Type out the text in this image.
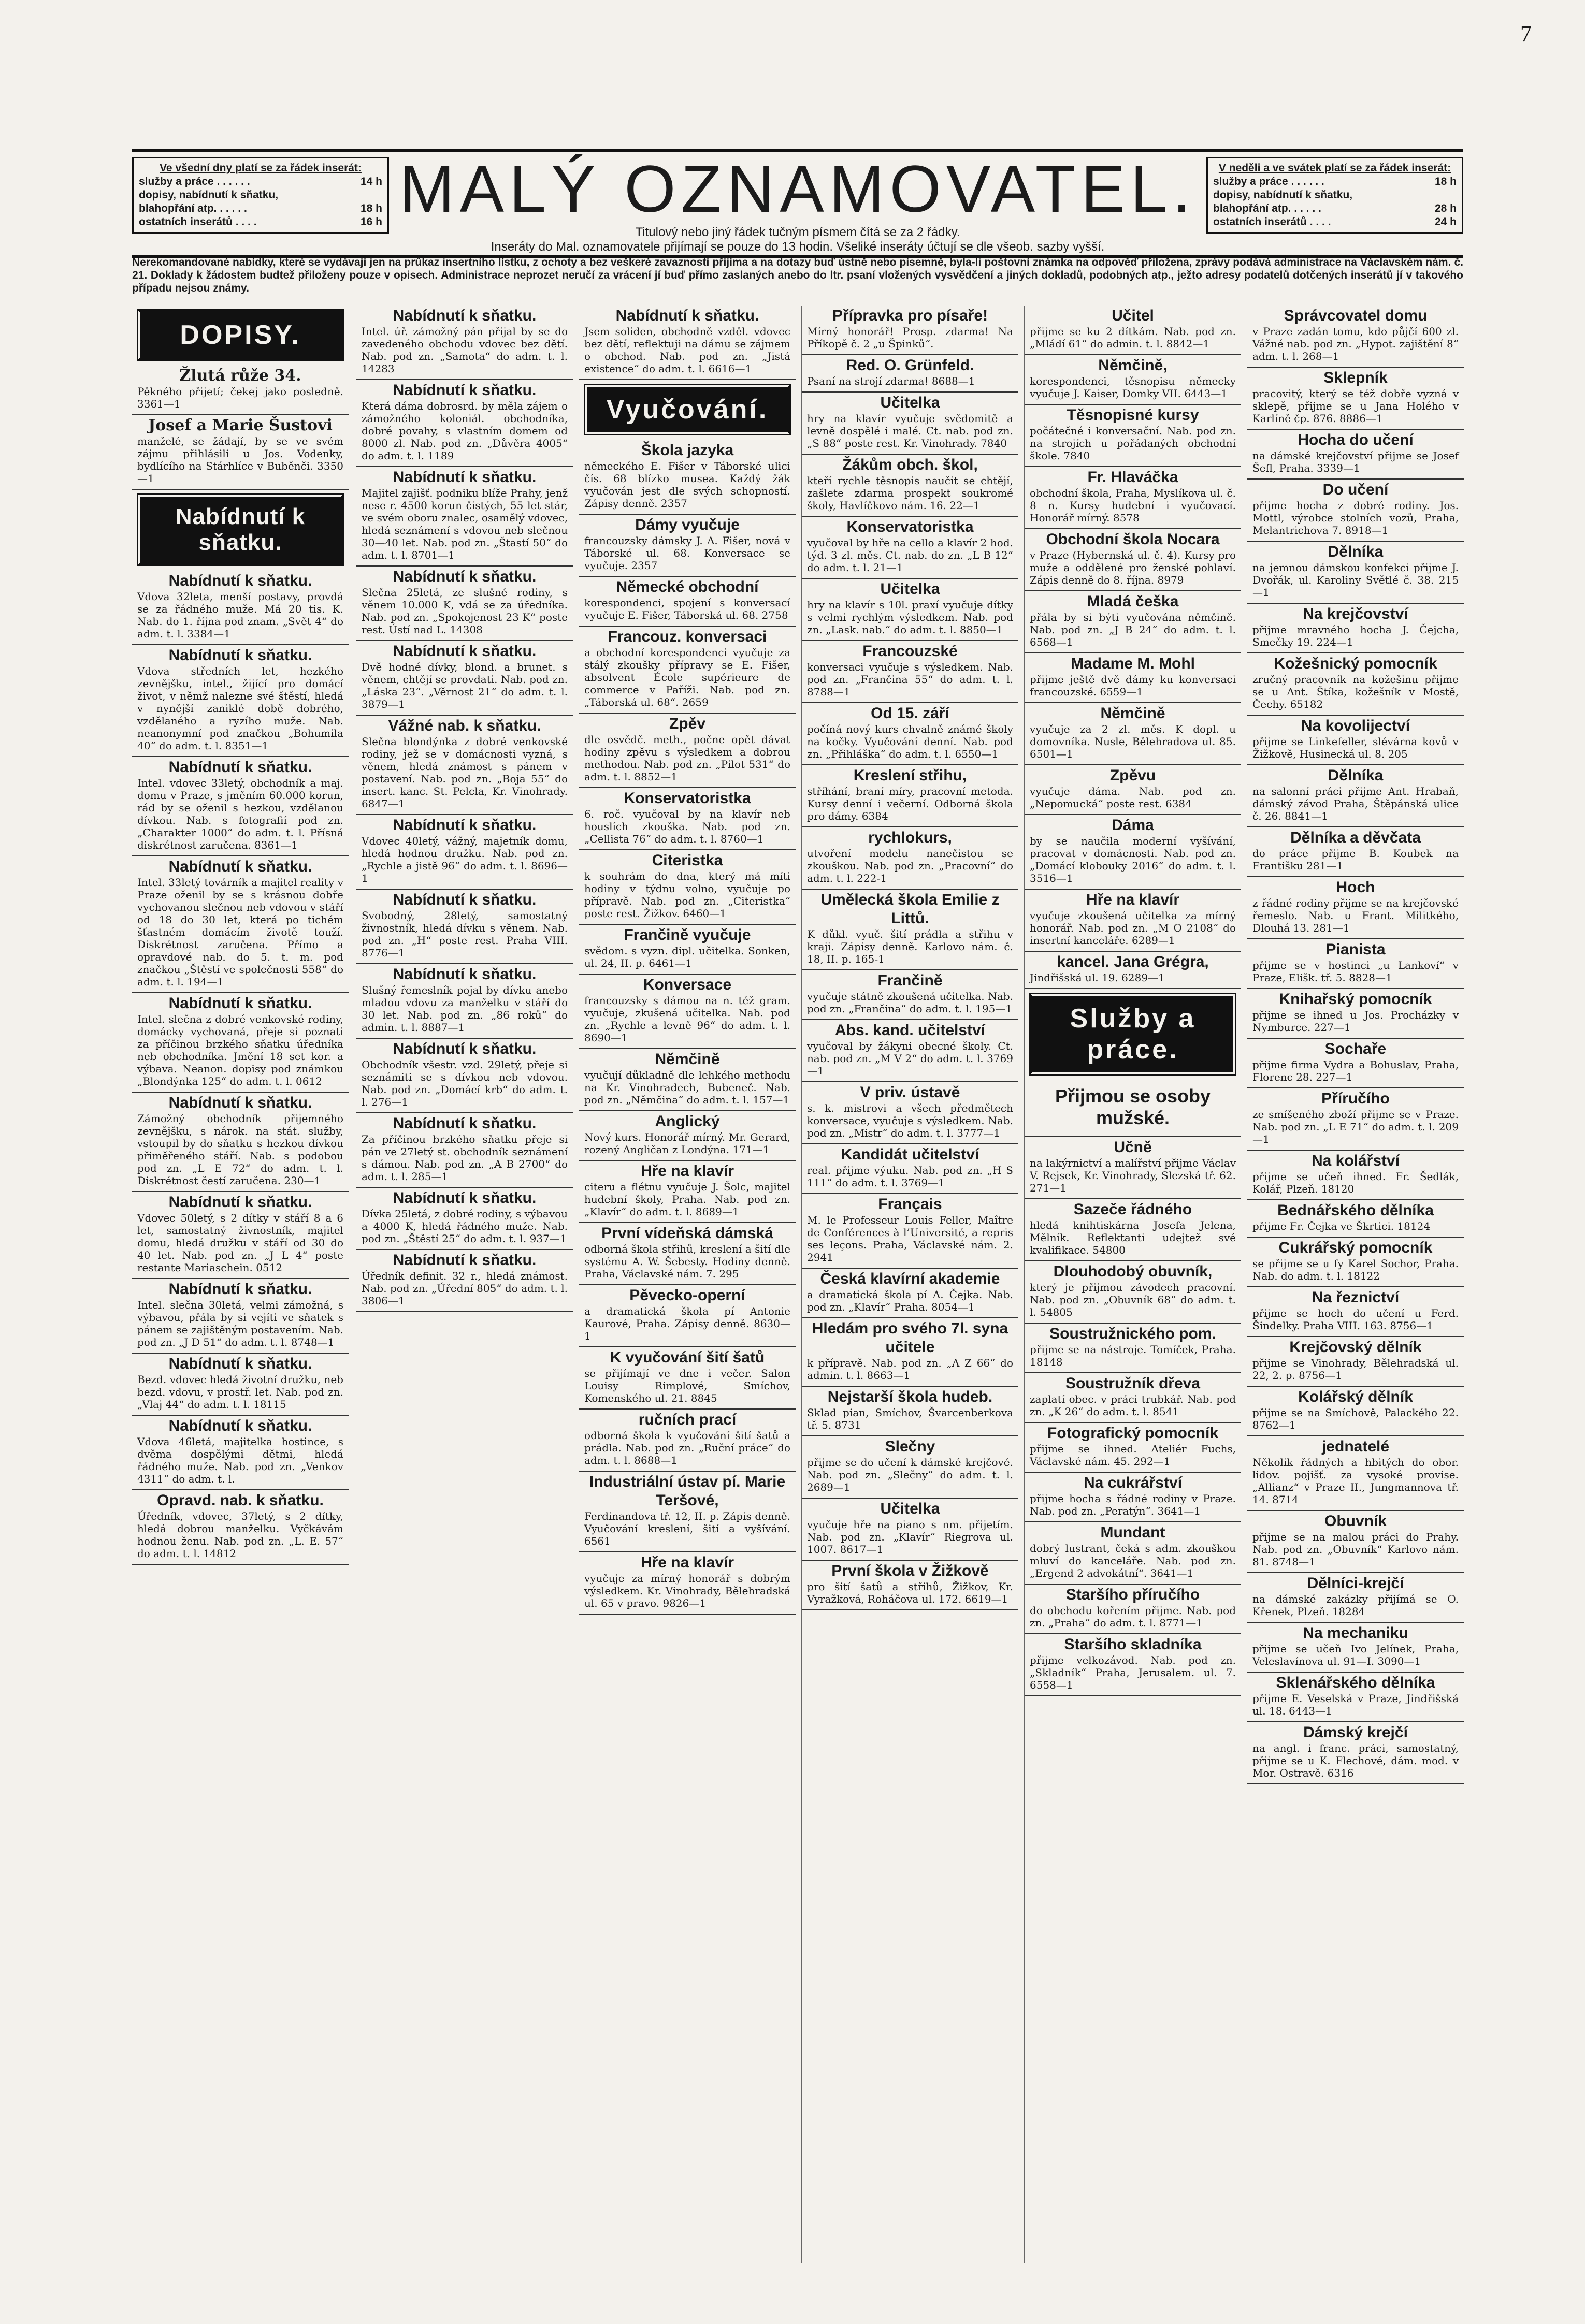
7
Ve všední dny platí se za řádek inserát:
služby a práce . . . . . .	14 h
dopisy, nabídnutí k sňatku,
blahopřání atp. . . . . .	18 h
ostatních inserátů . . . .	16 h MALÝ OZNAMOVATEL.
Titulový nebo jiný řádek tučným písmem čítá se za 2 řádky.
Inseráty do Mal. oznamovatele přijímají se pouze do 13 hodin. Všeliké inseráty účtují se dle všeob. sazby vyšší.
V neděli a ve svátek platí se za řádek inserát:
služby a práce . . . . . .	18 h
dopisy, nabídnutí k sňatku,
blahopřání atp. . . . . .	28 h
ostatních inserátů . . . .	24 h
Nerekomandované nabídky, které se vydávají jen na průkaz insertního lístku, z ochoty a bez veškeré zavazností přijíma a na dotazy buď ústně nebo písemně, byla-li poštovní známka na odpověď přiložena, zprávy podává administrace na Václavském nám. č. 21. Doklady k žádostem budtež přiloženy pouze v opisech. Administrace neprozet neručí za vrácení jí buď přímo zaslaných anebo do ltr. psaní vložených vysvědčení a jiných dokladů, podobných atp., ježto adresy podatelů dotčených inserátů jí v takového případu nejsou známy.
DOPISY.
Žlutá růže 34.
Pěkného přijetí; čekej jako posledně. 3361—1
Josef a Marie Šustovi
manželé, se žádají, by se ve svém zájmu přihlásili u Jos. Vodenky, bydlícího na Stárhlíce v Buběnči. 3350—1
Nabídnutí k sňatku.
Nabídnutí k sňatku.
Vdova 32leta, menší postavy, provdá se za řádného muže. Má 20 tis. K. Nab. do 1. října pod znam. „Svět 4“ do adm. t. l. 3384—1
Nabídnutí k sňatku.
Vdova středních let, hezkého zevnějšku, intel., žijící pro domácí život, v němž nalezne své štěstí, hledá v nynější zaniklé době dobrého, vzdělaného a ryzího muže. Nab. neanonymní pod značkou „Bohumila 40“ do adm. t. l. 8351—1
Nabídnutí k sňatku.
Intel. vdovec 33letý, obchodník a maj. domu v Praze, s jměním 60.000 korun, rád by se oženil s hezkou, vzdělanou dívkou. Nab. s fotografií pod zn. „Charakter 1000“ do adm. t. l. Přísná diskrétnost zaručena. 8361—1
Nabídnutí k sňatku.
Intel. 33letý továrník a majitel reality v Praze oženil by se s krásnou dobře vychovanou slečnou neb vdovou v stáří od 18 do 30 let, která po tichém šťastném domácím životě touží. Diskrétnost zaručena. Přímo a opravdové nab. do 5. t. m. pod značkou „Štěstí ve společnosti 558“ do adm. t. l. 194—1
Nabídnutí k sňatku.
Intel. slečna z dobré venkovské rodiny, domácky vychovaná, přeje si poznati za příčinou brzkého sňatku úředníka neb obchodníka. Jmění 18 set kor. a výbava. Neanon. dopisy pod známkou „Blondýnka 125“ do adm. t. l. 0612
Nabídnutí k sňatku.
Zámožný obchodník přijemného zevnějšku, s nárok. na stát. služby, vstoupil by do sňatku s hezkou dívkou přiměřeného stáří. Nab. s podobou pod zn. „L E 72“ do adm. t. l. Diskrétnost čestí zaručena. 230—1
Nabídnutí k sňatku.
Vdovec 50letý, s 2 dítky v stáří 8 a 6 let, samostatný živnostník, majitel domu, hledá družku v stáří od 30 do 40 let. Nab. pod zn. „J L 4“ poste restante Mariaschein. 0512
Nabídnutí k sňatku.
Intel. slečna 30letá, velmi zámožná, s výbavou, přála by si vejíti ve sňatek s pánem se zajištěným postavením. Nab. pod zn. „J D 51“ do adm. t. l. 8748—1
Nabídnutí k sňatku.
Bezd. vdovec hledá životní družku, neb bezd. vdovu, v prostř. let. Nab. pod zn. „Vlaj 44“ do adm. t. l. 18115
Nabídnutí k sňatku.
Vdova 46letá, majitelka hostince, s dvěma dospělými dětmi, hledá řádného muže. Nab. pod zn. „Venkov 4311“ do adm. t. l.
Opravd. nab. k sňatku.
Úředník, vdovec, 37letý, s 2 dítky, hledá dobrou manželku. Vyčkávám hodnou ženu. Nab. pod zn. „L. E. 57“ do adm. t. l. 14812
Nabídnutí k sňatku.
Intel. úř. zámožný pán přijal by se do zavedeného obchodu vdovec bez dětí. Nab. pod zn. „Samota“ do adm. t. l. 14283
Nabídnutí k sňatku.
Která dáma dobrosrd. by měla zájem o zámožného koloniál. obchodníka, dobré povahy, s vlastním domem od 8000 zl. Nab. pod zn. „Důvěra 4005“ do adm. t. l. 1189
Nabídnutí k sňatku.
Majitel zajišť. podniku blíže Prahy, jenž nese r. 4500 korun čistých, 55 let stár, ve svém oboru znalec, osamělý vdovec, hledá seznámení s vdovou neb slečnou 30—40 let. Nab. pod zn. „Štastí 50“ do adm. t. l. 8701—1
Nabídnutí k sňatku.
Slečna 25letá, ze slušné rodiny, s věnem 10.000 K, vdá se za úředníka. Nab. pod zn. „Spokojenost 23 K“ poste rest. Ústí nad L. 14308
Nabídnutí k sňatku.
Dvě hodné dívky, blond. a brunet. s věnem, chtějí se provdati. Nab. pod zn. „Láska 23“. „Věrnost 21“ do adm. t. l. 3879—1
Vážné nab. k sňatku.
Slečna blondýnka z dobré venkovské rodiny, jež se v domácnosti vyzná, s věnem, hledá známost s pánem v postavení. Nab. pod zn. „Boja 55“ do insert. kanc. St. Pelcla, Kr. Vinohrady. 6847—1
Nabídnutí k sňatku.
Vdovec 40letý, vážný, majetník domu, hledá hodnou družku. Nab. pod zn. „Rychle a jistě 96“ do adm. t. l. 8696—1
Nabídnutí k sňatku.
Svobodný, 28letý, samostatný živnostník, hledá dívku s věnem. Nab. pod zn. „H“ poste rest. Praha VIII. 8776—1
Nabídnutí k sňatku.
Slušný řemeslník pojal by dívku anebo mladou vdovu za manželku v stáří do 30 let. Nab. pod zn. „86 roků“ do admin. t. l. 8887—1
Nabídnutí k sňatku.
Obchodník všestr. vzd. 29letý, přeje si seznámiti se s dívkou neb vdovou. Nab. pod zn. „Domácí krb“ do adm. t. l. 276—1
Nabídnutí k sňatku.
Za příčinou brzkého sňatku přeje si pán ve 27letý st. obchodník seznámení s dámou. Nab. pod zn. „A B 2700“ do adm. t. l. 285—1
Nabídnutí k sňatku.
Dívka 25letá, z dobré rodiny, s výbavou a 4000 K, hledá řádného muže. Nab. pod zn. „Štěstí 25“ do adm. t. l. 937—1
Nabídnutí k sňatku.
Úředník definit. 32 r., hledá známost. Nab. pod zn. „Úřední 805“ do adm. t. l. 3806—1
Nabídnutí k sňatku.
Jsem soliden, obchodně vzděl. vdovec bez dětí, reflektuji na dámu se zájmem o obchod. Nab. pod zn. „Jistá existence“ do adm. t. l. 6616—1
Vyučování.
Škola jazyka
německého E. Fišer v Táborské ulici čís. 68 blízko musea. Každý žák vyučován jest dle svých schopností. Zápisy denně. 2357
Dámy vyučuje
francouzsky dámsky J. A. Fišer, nová v Táborské ul. 68. Konversace se vyučuje. 2357
Německé obchodní
korespondenci, spojení s konversací vyučuje E. Fišer, Táborská ul. 68. 2758
Francouz. konversaci
a obchodní korespondenci vyučuje za stálý zkoušky přípravy se E. Fišer, absolvent École supérieure de commerce v Paříži. Nab. pod zn. „Táborská ul. 68“. 2659
Zpěv
dle osvědč. meth., počne opět dávat hodiny zpěvu s výsledkem a dobrou methodou. Nab. pod zn. „Pilot 531“ do adm. t. l. 8852—1
Konservatoristka
6. roč. vyučoval by na klavír neb houslích zkouška. Nab. pod zn. „Cellista 76“ do adm. t. l. 8760—1
Citeristka
k souhrám do dna, který má míti hodiny v týdnu volno, vyučuje po přípravě. Nab. pod zn. „Citeristka“ poste rest. Žižkov. 6460—1
Frančině vyučuje
svědom. s vyzn. dipl. učitelka. Sonken, ul. 24, II. p. 6461—1
Konversace
francouzsky s dámou na n. též gram. vyučuje, zkušená učitelka. Nab. pod zn. „Rychle a levně 96“ do adm. t. l. 8690—1
Němčině
vyučují důkladně dle lehkého methodu na Kr. Vinohradech, Bubeneč. Nab. pod zn. „Němčina“ do adm. t. l. 157—1
Anglický
Nový kurs. Honorář mírný. Mr. Gerard, rozený Angličan z Londýna. 171—1
Hře na klavír
citeru a flétnu vyučuje J. Šolc, majitel hudební školy, Praha. Nab. pod zn. „Klavír“ do adm. t. l. 8689—1
První vídeňská dámská
odborná škola střihů, kreslení a šití dle systému A. W. Šebesty. Hodiny denně. Praha, Václavské nám. 7. 295
Pěvecko-operní
a dramatická škola pí Antonie Kaurové, Praha. Zápisy denně. 8630—1
K vyučování šití šatů
se přijímají ve dne i večer. Salon Louisy Rimplové, Smíchov, Komenského ul. 21. 8845
ručních prací
odborná škola k vyučování šití šatů a prádla. Nab. pod zn. „Ruční práce“ do adm. t. l. 8688—1
Industriální ústav pí. Marie Teršové,
Ferdinandova tř. 12, II. p. Zápis denně. Vyučování kreslení, šití a vyšívání. 6561
Hře na klavír
vyučuje za mírný honorář s dobrým výsledkem. Kr. Vinohrady, Bělehradská ul. 65 v pravo. 9826—1
Přípravka pro písaře!
Mírný honorář! Prosp. zdarma! Na Příkopě č. 2 „u Špinků“.
Red. O. Grünfeld.
Psaní na strojí zdarma! 8688—1
Učitelka
hry na klavír vyučuje svědomitě a levně dospělé i malé. Ct. nab. pod zn. „S 88“ poste rest. Kr. Vinohrady. 7840
Žákům obch. škol,
kteří rychle těsnopis naučit se chtějí, zašlete zdarma prospekt soukromé školy, Havlíčkovo nám. 16. 22—1
Konservatoristka
vyučoval by hře na cello a klavír 2 hod. týd. 3 zl. měs. Ct. nab. do zn. „L B 12“ do adm. t. l. 21—1
Učitelka
hry na klavír s 10l. praxí vyučuje dítky s velmi rychlým výsledkem. Nab. pod zn. „Lask. nab.“ do adm. t. l. 8850—1
Francouzské
konversaci vyučuje s výsledkem. Nab. pod zn. „Frančina 55“ do adm. t. l. 8788—1
Od 15. září
počíná nový kurs chvalně známé školy na kočky. Vyučování denní. Nab. pod zn. „Přihláška“ do adm. t. l. 6550—1
Kreslení střihu,
stříhání, braní míry, pracovní metoda. Kursy denní i večerní. Odborná škola pro dámy. 6384
rychlokurs,
utvoření modelu nanečistou se zkouškou. Nab. pod zn. „Pracovní“ do adm. t. l. 222-1
Umělecká škola Emilie z Littů.
K důkl. vyuč. šití prádla a střihu v kraji. Zápisy denně. Karlovo nám. č. 18, II. p. 165-1
Frančině
vyučuje státně zkoušená učitelka. Nab. pod zn. „Frančina“ do adm. t. l. 195—1
Abs. kand. učitelství
vyučoval by žákyni obecné školy. Ct. nab. pod zn. „M V 2“ do adm. t. l. 3769—1
V priv. ústavě
s. k. mistrovi a všech předmětech konversace, vyučuje s výsledkem. Nab. pod zn. „Mistr“ do adm. t. l. 3777—1
Kandidát učitelství
real. přijme výuku. Nab. pod zn. „H S 111“ do adm. t. l. 3769—1
Français
M. le Professeur Louis Feller, Maître de Conférences à l’Université, a repris ses leçons. Praha, Václavské nám. 2. 2941
Česká klavírní akademie
a dramatická škola pí A. Čejka. Nab. pod zn. „Klavír“ Praha. 8054—1
Hledám pro svého 7l. syna učitele
k přípravě. Nab. pod zn. „A Z 66“ do admin. t. l. 8663—1
Nejstarší škola hudeb.
Sklad pian, Smíchov, Švarcenberkova tř. 5. 8731
Slečny
přijme se do učení k dámské krejčové. Nab. pod zn. „Slečny“ do adm. t. l. 2689—1
Učitelka
vyučuje hře na piano s nm. přijetím. Nab. pod zn. „Klavír“ Riegrova ul. 1007. 8617—1
První škola v Žižkově
pro šití šatů a střihů, Žižkov, Kr. Vyražková, Roháčova ul. 172. 6619—1
Učitel
přijme se ku 2 dítkám. Nab. pod zn. „Mládí 61“ do admin. t. l. 8842—1
Němčině,
korespondenci, těsnopisu německy vyučuje J. Kaiser, Domky VII. 6443—1
Těsnopisné kursy
počátečné i konversační. Nab. pod zn. na strojích u pořádaných obchodní škole. 7840
Fr. Hlaváčka
obchodní škola, Praha, Myslíkova ul. č. 8 n. Kursy hudební i vyučovací. Honorář mírný. 8578
Obchodní škola Nocara
v Praze (Hybernská ul. č. 4). Kursy pro muže a oddělené pro ženské pohlaví. Zápis denně do 8. října. 8979
Mladá češka
přála by si býti vyučována němčině. Nab. pod zn. „J B 24“ do adm. t. l. 6568—1
Madame M. Mohl
přijme ještě dvě dámy ku konversaci francouzské. 6559—1
Němčině
vyučuje za 2 zl. měs. K dopl. u domovníka. Nusle, Bělehradova ul. 85. 6501—1
Zpěvu
vyučuje dáma. Nab. pod zn. „Nepomucká“ poste rest. 6384
Dáma
by se naučila moderní vyšívání, pracovat v domácnosti. Nab. pod zn. „Domácí klobouky 2016“ do adm. t. l. 3516—1
Hře na klavír
vyučuje zkoušená učitelka za mírný honorář. Nab. pod zn. „M O 2108“ do insertní kanceláře. 6289—1
kancel. Jana Grégra,
Jindřišská ul. 19. 6289—1
Služby a práce.
Přijmou se osoby mužské.
Učně
na lakýrnictví a malířství přijme Václav V. Rejsek, Kr. Vinohrady, Slezská tř. 62. 271—1
Sazeče řádného
hledá knihtiskárna Josefa Jelena, Mělník. Reflektanti udejtež své kvalifikace. 54800
Dlouhodobý obuvník,
který je přijmou závodech pracovní. Nab. pod zn. „Obuvník 68“ do adm. t. l. 54805
Soustružnického pom.
přijme se na nástroje. Tomíček, Praha. 18148
Soustružník dřeva
zaplatí obec. v práci trubkář. Nab. pod zn. „K 26“ do adm. t. l. 8541
Fotografický pomocník
přijme se ihned. Ateliér Fuchs, Václavské nám. 45. 292—1
Na cukrářství
přijme hocha s řádné rodiny v Praze. Nab. pod zn. „Peratýn“. 3641—1
Mundant
dobrý lustrant, čeká s adm. zkouškou mluví do kanceláře. Nab. pod zn. „Ergend 2 advokátní“. 3641—1
Staršího příručího
do obchodu kořením přijme. Nab. pod zn. „Praha“ do adm. t. l. 8771—1
Staršího skladníka
přijme velkozávod. Nab. pod zn. „Skladník“ Praha, Jerusalem. ul. 7. 6558—1
Správcovatel domu
v Praze zadán tomu, kdo půjčí 600 zl. Vážné nab. pod zn. „Hypot. zajištění 8“ adm. t. l. 268—1
Sklepník
pracovitý, který se též dobře vyzná v sklepě, přijme se u Jana Holého v Karlíně čp. 876. 8886—1
Hocha do učení
na dámské krejčovství přijme se Josef Šefl, Praha. 3339—1
Do učení
přijme hocha z dobré rodiny. Jos. Mottl, výrobce stolních vozů, Praha, Melantrichova 7. 8918—1
Dělníka
na jemnou dámskou konfekci přijme J. Dvořák, ul. Karoliny Světlé č. 38. 215—1
Na krejčovství
přijme mravného hocha J. Čejcha, Smečky 19. 224—1
Kožešnický pomocník
zručný pracovník na kožešinu přijme se u Ant. Štíka, kožešník v Mostě, Čechy. 65182
Na kovolijectví
přijme se Linkefeller, slévárna kovů v Žižkově, Husinecká ul. 8. 205
Dělníka
na salonní práci přijme Ant. Hrabaň, dámský závod Praha, Štěpánská ulice č. 26. 8841—1
Dělníka a děvčata
do práce přijme B. Koubek na Františku 281—1
Hoch
z řádné rodiny přijme se na krejčovské řemeslo. Nab. u Frant. Militkého, Dlouhá 13. 281—1
Pianista
přijme se v hostinci „u Lankoví“ v Praze, Elišk. tř. 5. 8828—1
Knihařský pomocník
přijme se ihned u Jos. Procházky v Nymburce. 227—1
Sochaře
přijme firma Vydra a Bohuslav, Praha, Florenc 28. 227—1
Příručího
ze smíšeného zboží přijme se v Praze. Nab. pod zn. „L E 71“ do adm. t. l. 209—1
Na kolářství
přijme se učeň ihned. Fr. Šedlák, Kolář, Plzeň. 18120
Bednářského dělníka
přijme Fr. Čejka ve Škrtici. 18124
Cukrářský pomocník
se přijme se u fy Karel Sochor, Praha. Nab. do adm. t. l. 18122
Na řeznictví
přijme se hoch do učení u Ferd. Šindelky. Praha VIII. 163. 8756—1
Krejčovský dělník
přijme se Vinohrady, Bělehradská ul. 22, 2. p. 8756—1
Kolářský dělník
přijme se na Smíchově, Palackého 22. 8762—1
jednatelé
Několik řádných a hbitých do obor. lidov. pojišť. za vysoké provise. „Allianz“ v Praze II., Jungmannova tř. 14. 8714
Obuvník
přijme se na malou práci do Prahy. Nab. pod zn. „Obuvník“ Karlovo nám. 81. 8748—1
Dělníci-krejčí
na dámské zakázky přijímá se O. Křenek, Plzeň. 18284
Na mechaniku
přijme se učeň Ivo Jelínek, Praha, Veleslavínova ul. 91—I. 3090—1
Sklenářského dělníka
přijme E. Veselská v Praze, Jindřišská ul. 18. 6443—1
Dámský krejčí
na angl. i franc. práci, samostatný, přijme se u K. Flechové, dám. mod. v Mor. Ostravě. 6316
